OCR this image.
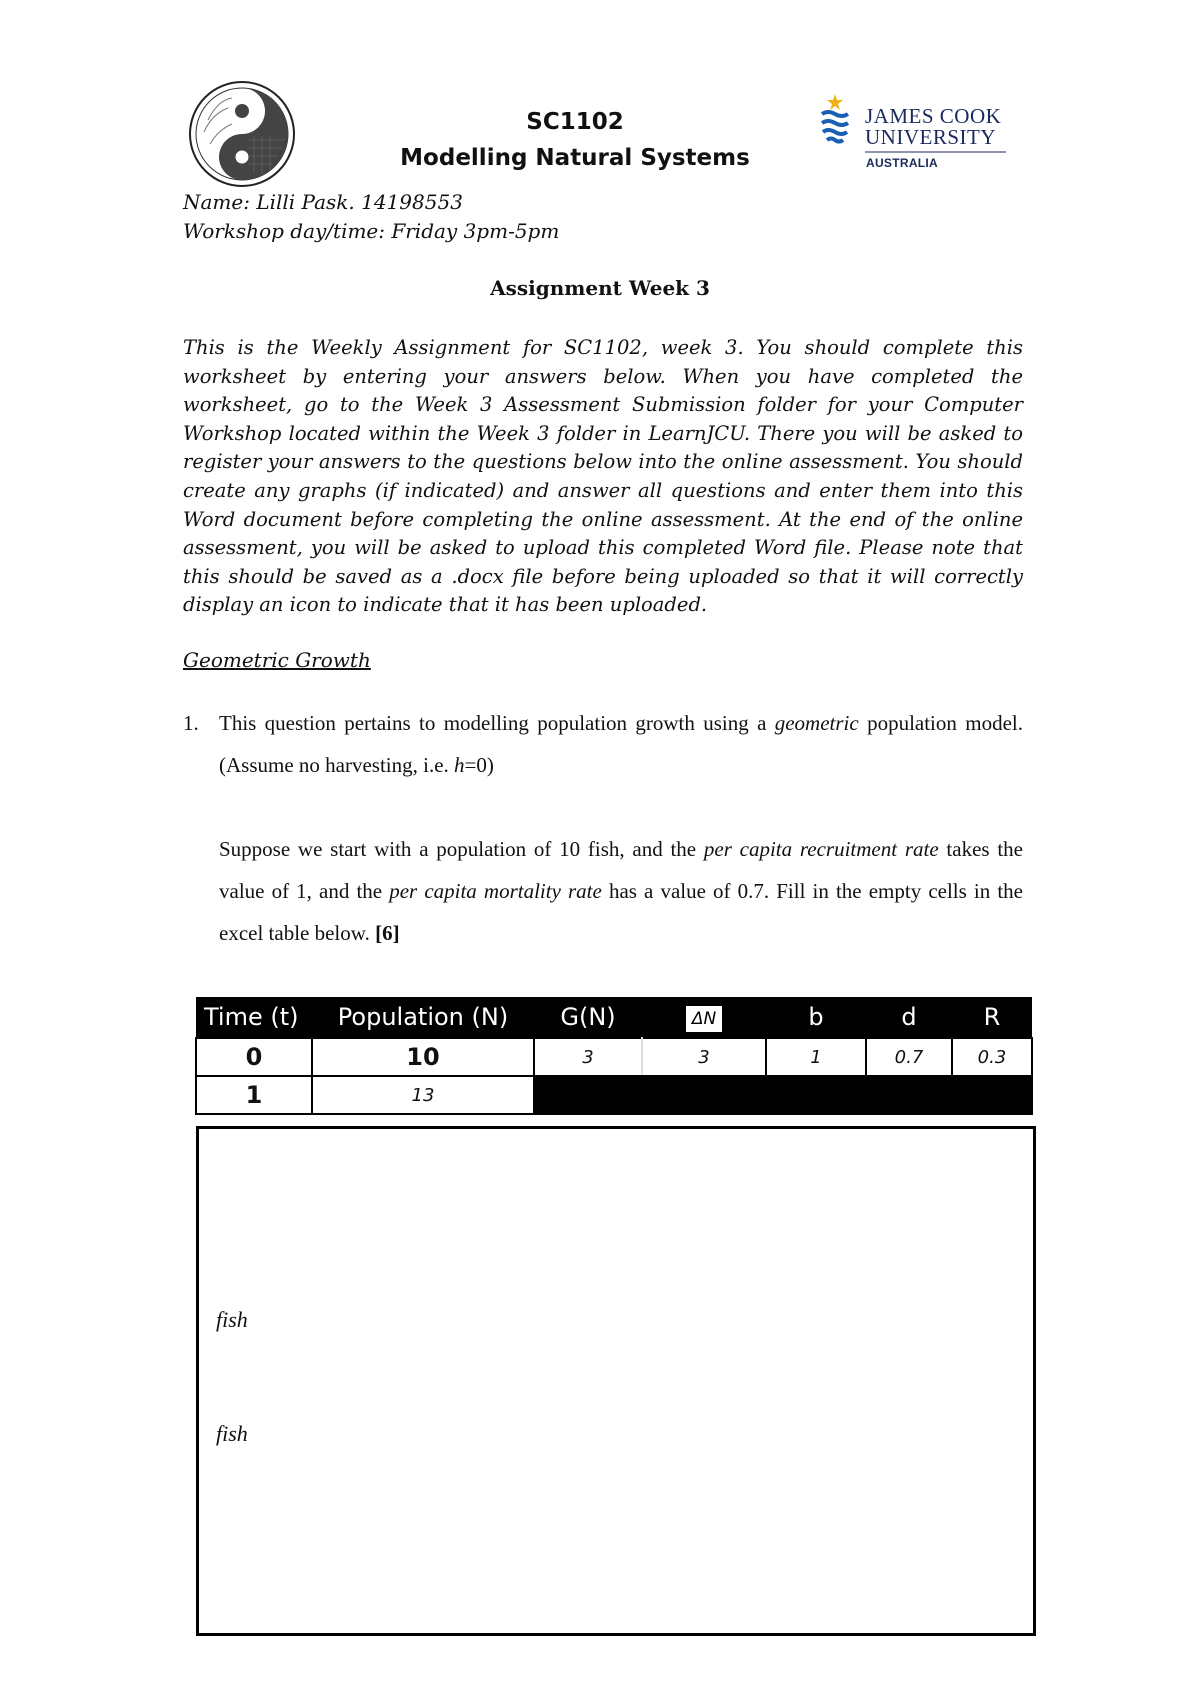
SC1102
Modelling Natural Systems
JAMES COOK
UNIVERSITY
AUSTRALIA
Name: Lilli Pask. 14198553
Workshop day/time: Friday 3pm-5pm
Assignment Week 3
This is the Weekly Assignment for SC1102, week 3. You should complete this worksheet by entering your answers below. When you have completed the worksheet, go to the Week 3 Assessment Submission folder for your Computer Workshop located within the Week 3 folder in LearnJCU. There you will be asked to register your answers to the questions below into the online assessment. You should create any graphs (if indicated) and answer all questions and enter them into this Word document before completing the online assessment. At the end of the online assessment, you will be asked to upload this completed Word file. Please note that this should be saved as a .docx file before being uploaded so that it will correctly display an icon to indicate that it has been uploaded.
Geometric Growth
1. This question pertains to modelling population growth using a geometric population model. (Assume no harvesting, i.e. h=0)
Suppose we start with a population of 10 fish, and the per capita recruitment rate takes the value of 1, and the per capita mortality rate has a value of 0.7. Fill in the empty cells in the excel table below. [6]
Time (t)	Population (N)	G(N)	ΔN	b	d	R
0	10	3	3	1	0.7	0.3
1	13					
fish
fish
